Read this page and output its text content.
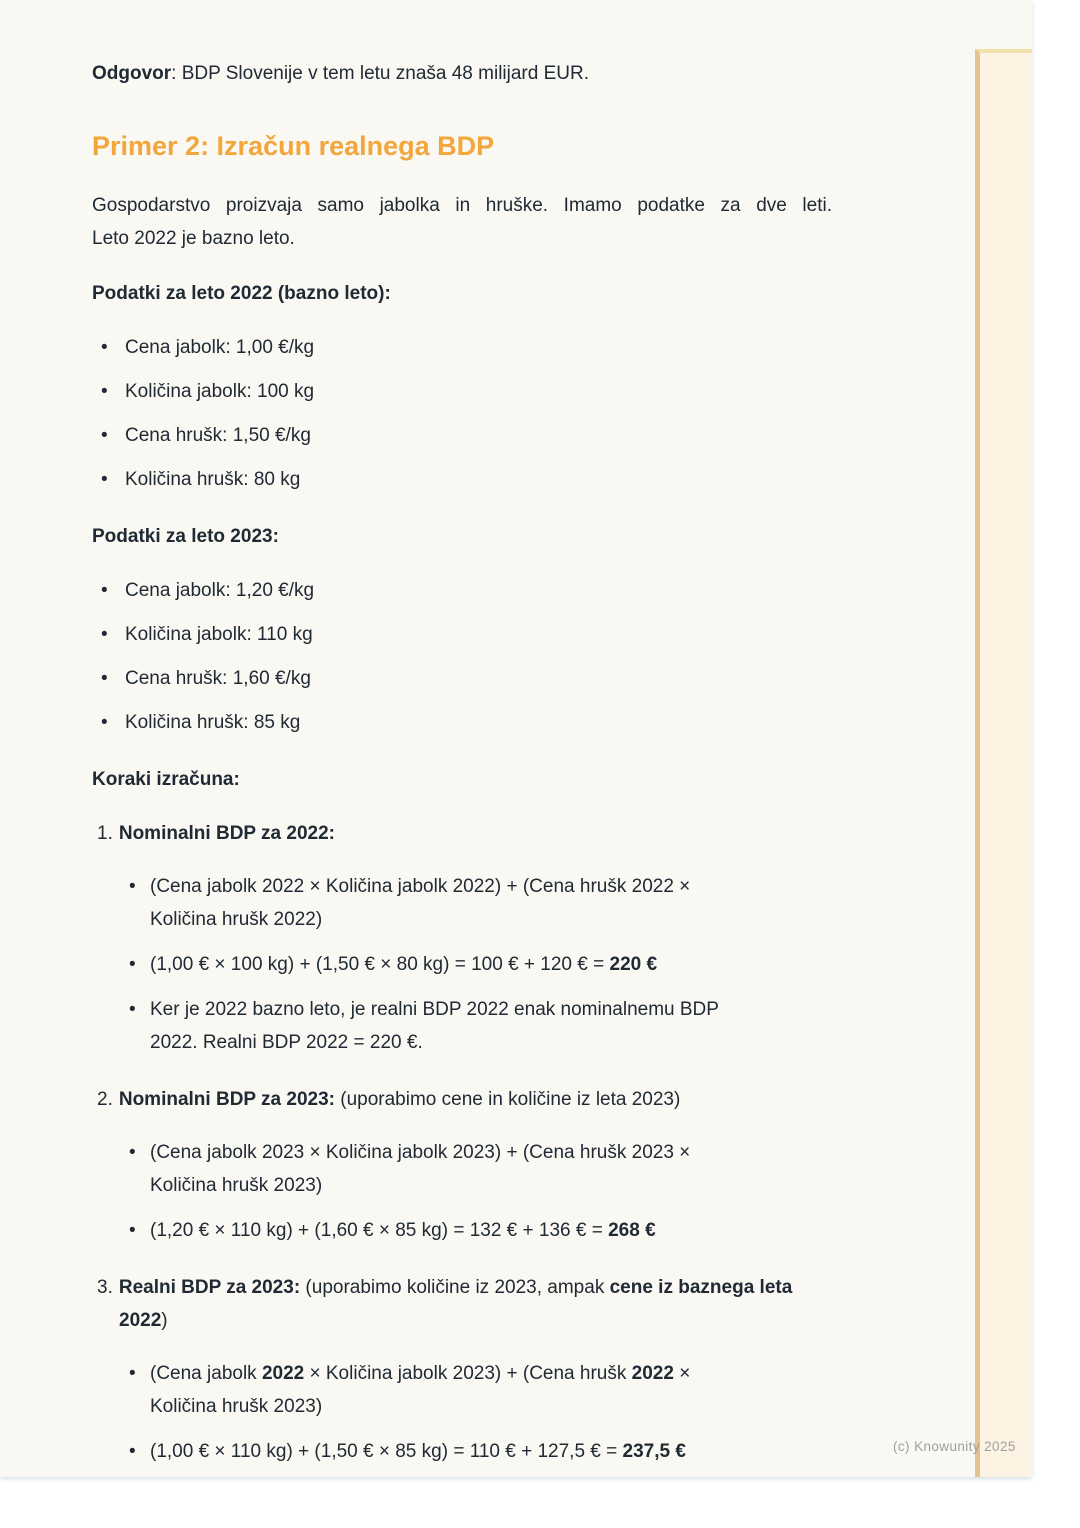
Odgovor: BDP Slovenije v tem letu znaša 48 milijard EUR.

Primer 2: Izračun realnega BDP

Gospodarstvo proizvaja samo jabolka in hruške. Imamo podatke za dve leti.

Leto 2022 je bazno leto.

Podatki za leto 2022 (bazno leto):

• Cena jabolk: 1,00 €/kg
• Količina jabolk: 100 kg
• Cena hrušk: 1,50 €/kg
• Količina hrušk: 80 kg

Podatki za leto 2023:

• Cena jabolk: 1,20 €/kg
• Količina jabolk: 110 kg
• Cena hrušk: 1,60 €/kg
• Količina hrušk: 85 kg

Koraki izračuna:

1. Nominalni BDP za 2022:

• (Cena jabolk 2022 × Količina jabolk 2022) + (Cena hrušk 2022 × Količina hrušk 2022)
• (1,00 € × 100 kg) + (1,50 € × 80 kg) = 100 € + 120 € = 220 €
• Ker je 2022 bazno leto, je realni BDP 2022 enak nominalnemu BDP 2022. Realni BDP 2022 = 220 €.

2. Nominalni BDP za 2023: (uporabimo cene in količine iz leta 2023)

• (Cena jabolk 2023 × Količina jabolk 2023) + (Cena hrušk 2023 × Količina hrušk 2023)
• (1,20 € × 110 kg) + (1,60 € × 85 kg) = 132 € + 136 € = 268 €

3. Realni BDP za 2023: (uporabimo količine iz 2023, ampak cene iz baznega leta 2022)

• (Cena jabolk 2022 × Količina jabolk 2023) + (Cena hrušk 2022 × Količina hrušk 2023)
• (1,00 € × 110 kg) + (1,50 € × 85 kg) = 110 € + 127,5 € = 237,5 €	(c) Knowunity 2025
